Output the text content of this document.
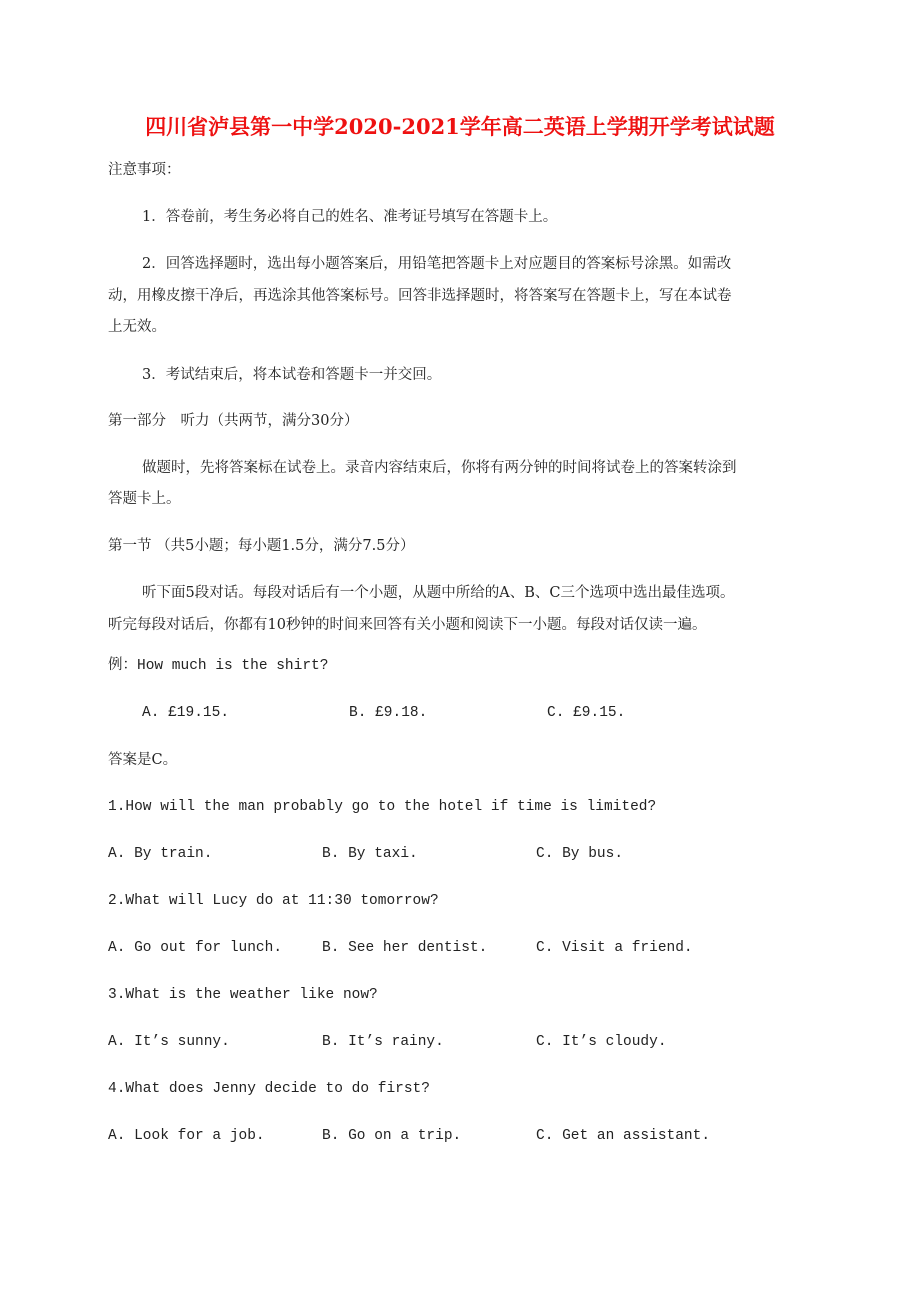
四川省泸县第一中学2020-2021学年高二英语上学期开学考试试题
注意事项：
1．答卷前，考生务必将自己的姓名、准考证号填写在答题卡上。
2．回答选择题时，选出每小题答案后，用铅笔把答题卡上对应题目的答案标号涂黑。如需改
动，用橡皮擦干净后，再选涂其他答案标号。回答非选择题时，将答案写在答题卡上，写在本试卷
上无效。
3．考试结束后，将本试卷和答题卡一并交回。
第一部分　听力（共两节，满分30分）
做题时，先将答案标在试卷上。录音内容结束后，你将有两分钟的时间将试卷上的答案转涂到
答题卡上。
第一节 （共5小题；每小题1.5分，满分7.5分）
听下面5段对话。每段对话后有一个小题，从题中所给的A、B、C三个选项中选出最佳选项。
听完每段对话后，你都有10秒钟的时间来回答有关小题和阅读下一小题。每段对话仅读一遍。
例：How much is the shirt?
A. £19.15.	B. £9.18.	C. £9.15.
答案是C。
1.How will the man probably go to the hotel if time is limited?
A. By train.	B. By taxi.	C. By bus.
2.What will Lucy do at 11:30 tomorrow?
A. Go out for lunch.	B. See her dentist.	C. Visit a friend.
3.What is the weather like now?
A. It’s sunny.	B. It’s rainy.	C. It’s cloudy.
4.What does Jenny decide to do first?
A. Look for a job.	B. Go on a trip.	C. Get an assistant.
